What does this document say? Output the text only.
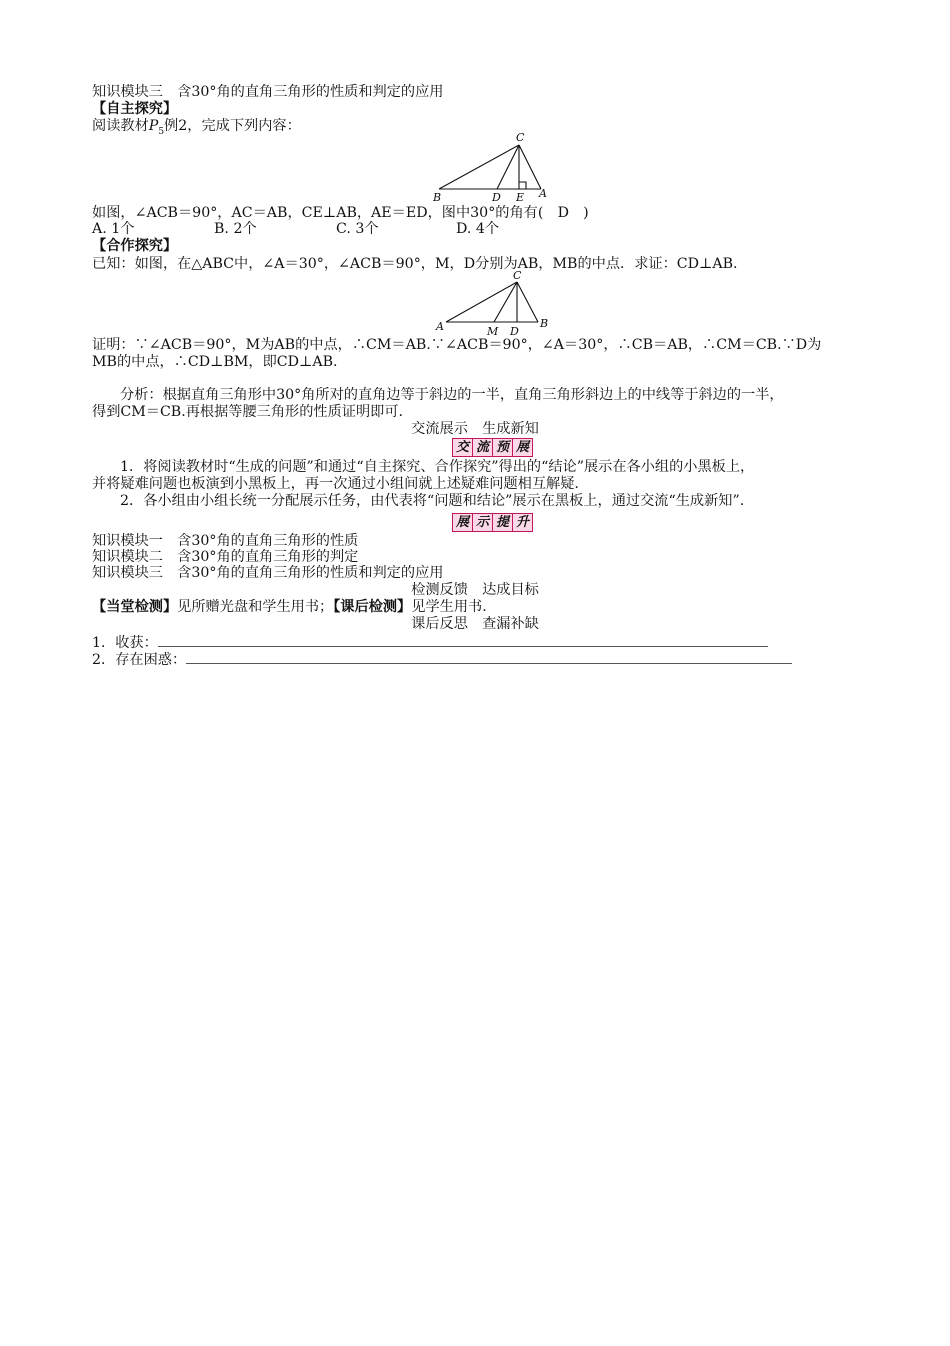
知识模块三　含30°角的直角三角形的性质和判定的应用
【自主探究】
阅读教材$P_5$例2，完成下列内容：
C
B	D E A
如图，∠ACB＝90°，AC＝AB，CE⊥AB，AE＝ED，图中30°的角有(　D　)
A. 1个	B. 2个	C. 3个	D. 4个
【合作探究】
已知：如图，在△ABC中，∠A＝30°，∠ACB＝90°，M，D分别为AB，MB的中点．求证：CD⊥AB.
C
A	M D
B
证明：∵∠ACB＝90°，M为AB的中点，∴CM＝AB.∵∠ACB＝90°，∠A＝30°，∴CB＝AB，∴CM＝CB.∵D为
MB的中点，∴CD⊥BM，即CD⊥AB.
分析：根据直角三角形中30°角所对的直角边等于斜边的一半，直角三角形斜边上的中线等于斜边的一半，
得到CM＝CB.再根据等腰三角形的性质证明即可.
交流展示　生成新知
交 流 预 展
1．将阅读教材时“生成的问题”和通过“自主探究、合作探究”得出的“结论”展示在各小组的小黑板上，
并将疑难问题也板演到小黑板上，再一次通过小组间就上述疑难问题相互解疑.
2．各小组由小组长统一分配展示任务，由代表将“问题和结论”展示在黑板上，通过交流“生成新知”.
展 示 提 升
知识模块一　含30°角的直角三角形的性质
知识模块二　含30°角的直角三角形的判定
知识模块三　含30°角的直角三角形的性质和判定的应用
检测反馈　达成目标
【当堂检测】见所赠光盘和学生用书；【课后检测】见学生用书.
课后反思　查漏补缺
1．收获：
2．存在困惑：
